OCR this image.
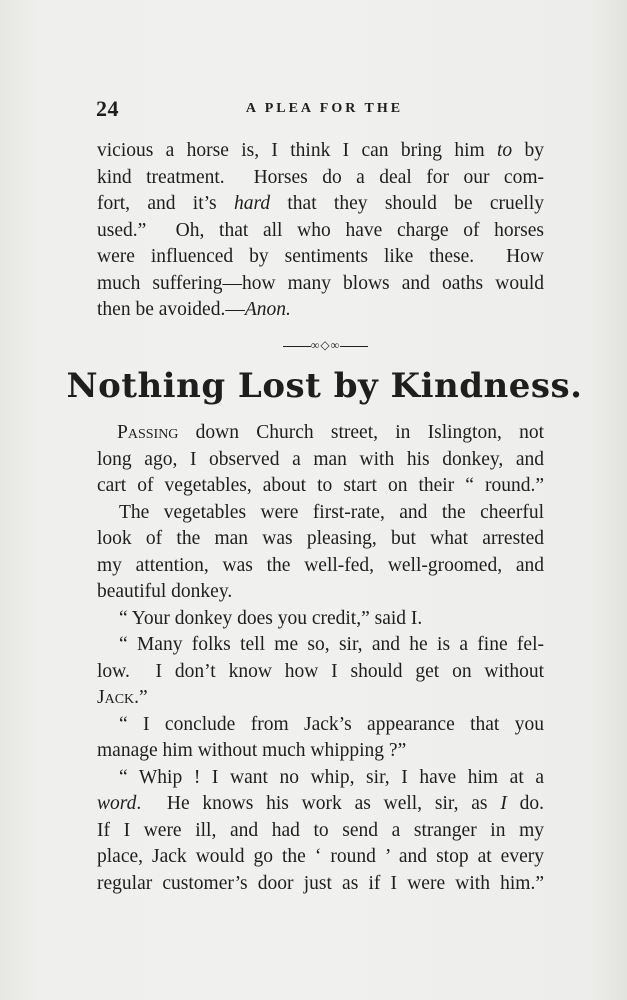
24	A PLEA FOR THE
vicious a horse is, I think I can bring him to by
kind treatment.  Horses do a deal for our com-
fort, and it’s hard that they should be cruelly
used.”  Oh, that all who have charge of horses
were influenced by sentiments like these.  How
much suffering—how many blows and oaths would
then be avoided.—Anon.
∞◇∞
Nothing Lost by Kindness.
Passing down Church street, in Islington, not
long ago, I observed a man with his donkey, and
cart of vegetables, about to start on their “ round.”
The vegetables were first-rate, and the cheerful
look of the man was pleasing, but what arrested
my attention, was the well-fed, well-groomed, and
beautiful donkey.
“ Your donkey does you credit,” said I.
“ Many folks tell me so, sir, and he is a fine fel-
low.  I don’t know how I should get on without
Jack.”
“ I conclude from Jack’s appearance that you
manage him without much whipping ?”
“ Whip ! I want no whip, sir, I have him at a
word.  He knows his work as well, sir, as I do.
If I were ill, and had to send a stranger in my
place, Jack would go the ‘ round ’ and stop at every
regular customer’s door just as if I were with him.”
